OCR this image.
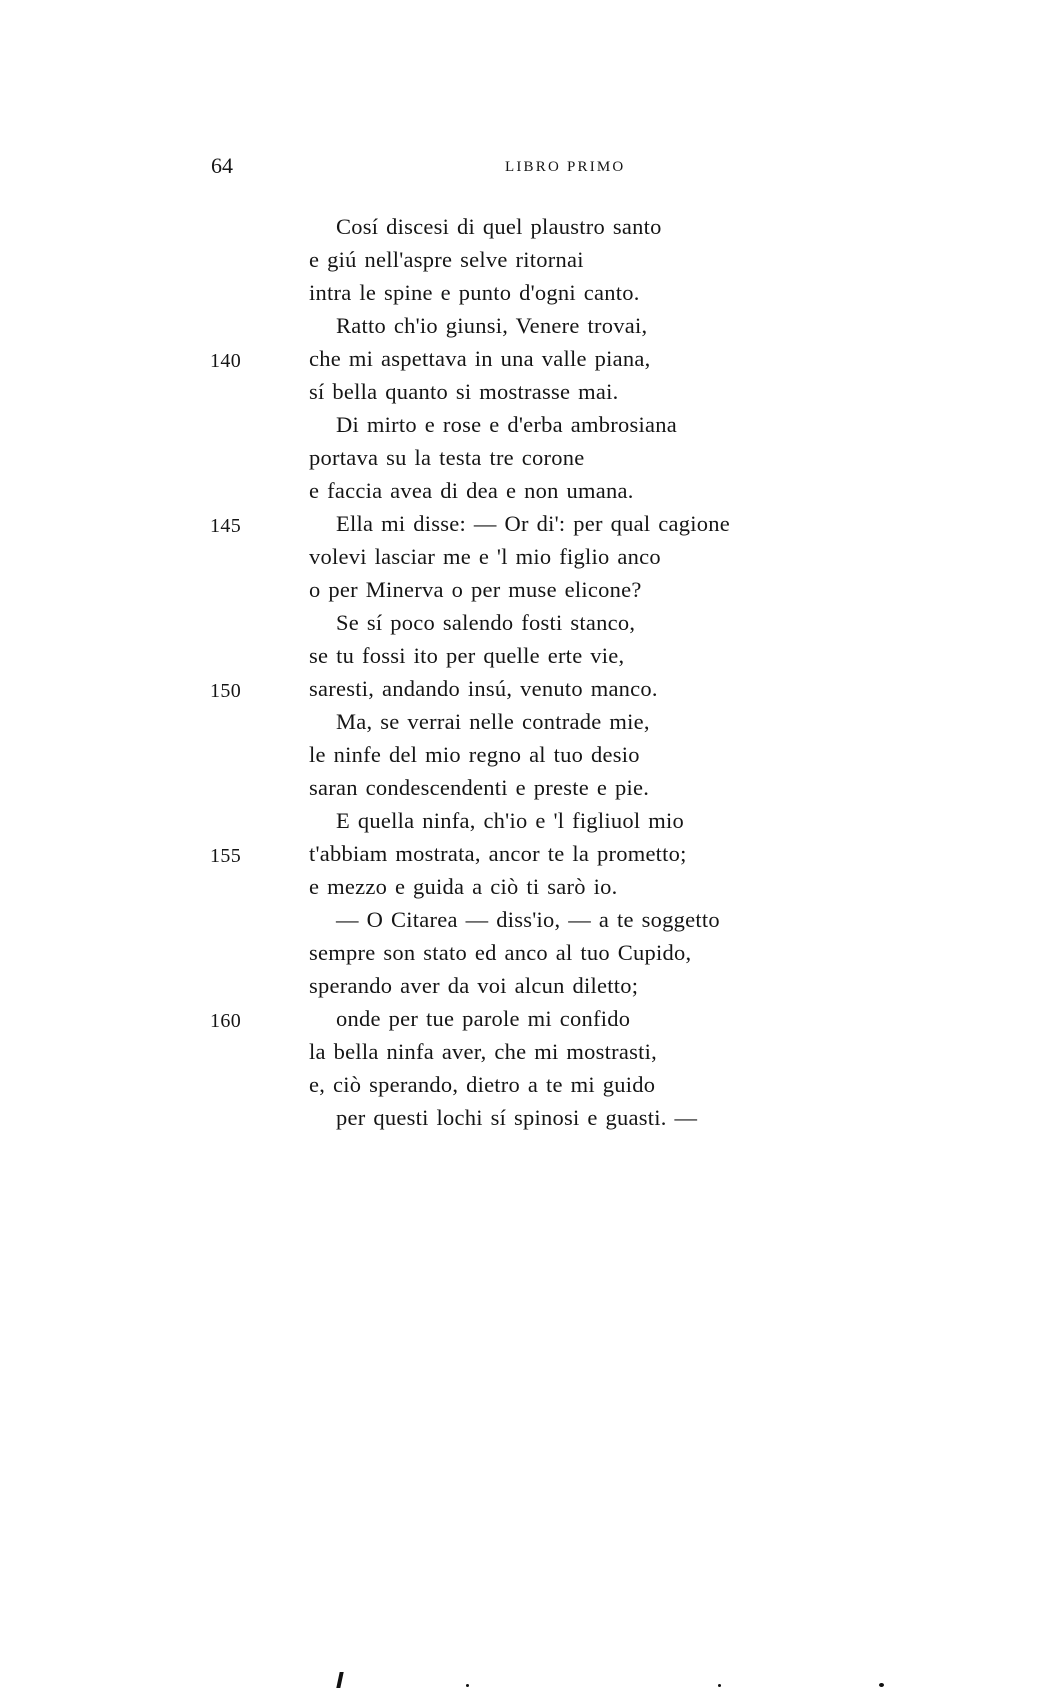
64	LIBRO PRIMO
Cosí discesi di quel plaustro santo
e giú nell'aspre selve ritornai
intra le spine e punto d'ogni canto.
Ratto ch'io giunsi, Venere trovai,
140	che mi aspettava in una valle piana,
sí bella quanto si mostrasse mai.
Di mirto e rose e d'erba ambrosiana
portava su la testa tre corone
e faccia avea di dea e non umana.
145	Ella mi disse: — Or di': per qual cagione
volevi lasciar me e 'l mio figlio anco
o per Minerva o per muse elicone?
Se sí poco salendo fosti stanco,
se tu fossi ito per quelle erte vie,
150	saresti, andando insú, venuto manco.
Ma, se verrai nelle contrade mie,
le ninfe del mio regno al tuo desio
saran condescendenti e preste e pie.
E quella ninfa, ch'io e 'l figliuol mio
155	t'abbiam mostrata, ancor te la prometto;
e mezzo e guida a ciò ti sarò io.
— O Citarea — diss'io, — a te soggetto
sempre son stato ed anco al tuo Cupido,
sperando aver da voi alcun diletto;
160	onde per tue parole mi confido
la bella ninfa aver, che mi mostrasti,
e, ciò sperando, dietro a te mi guido
per questi lochi sí spinosi e guasti. —
